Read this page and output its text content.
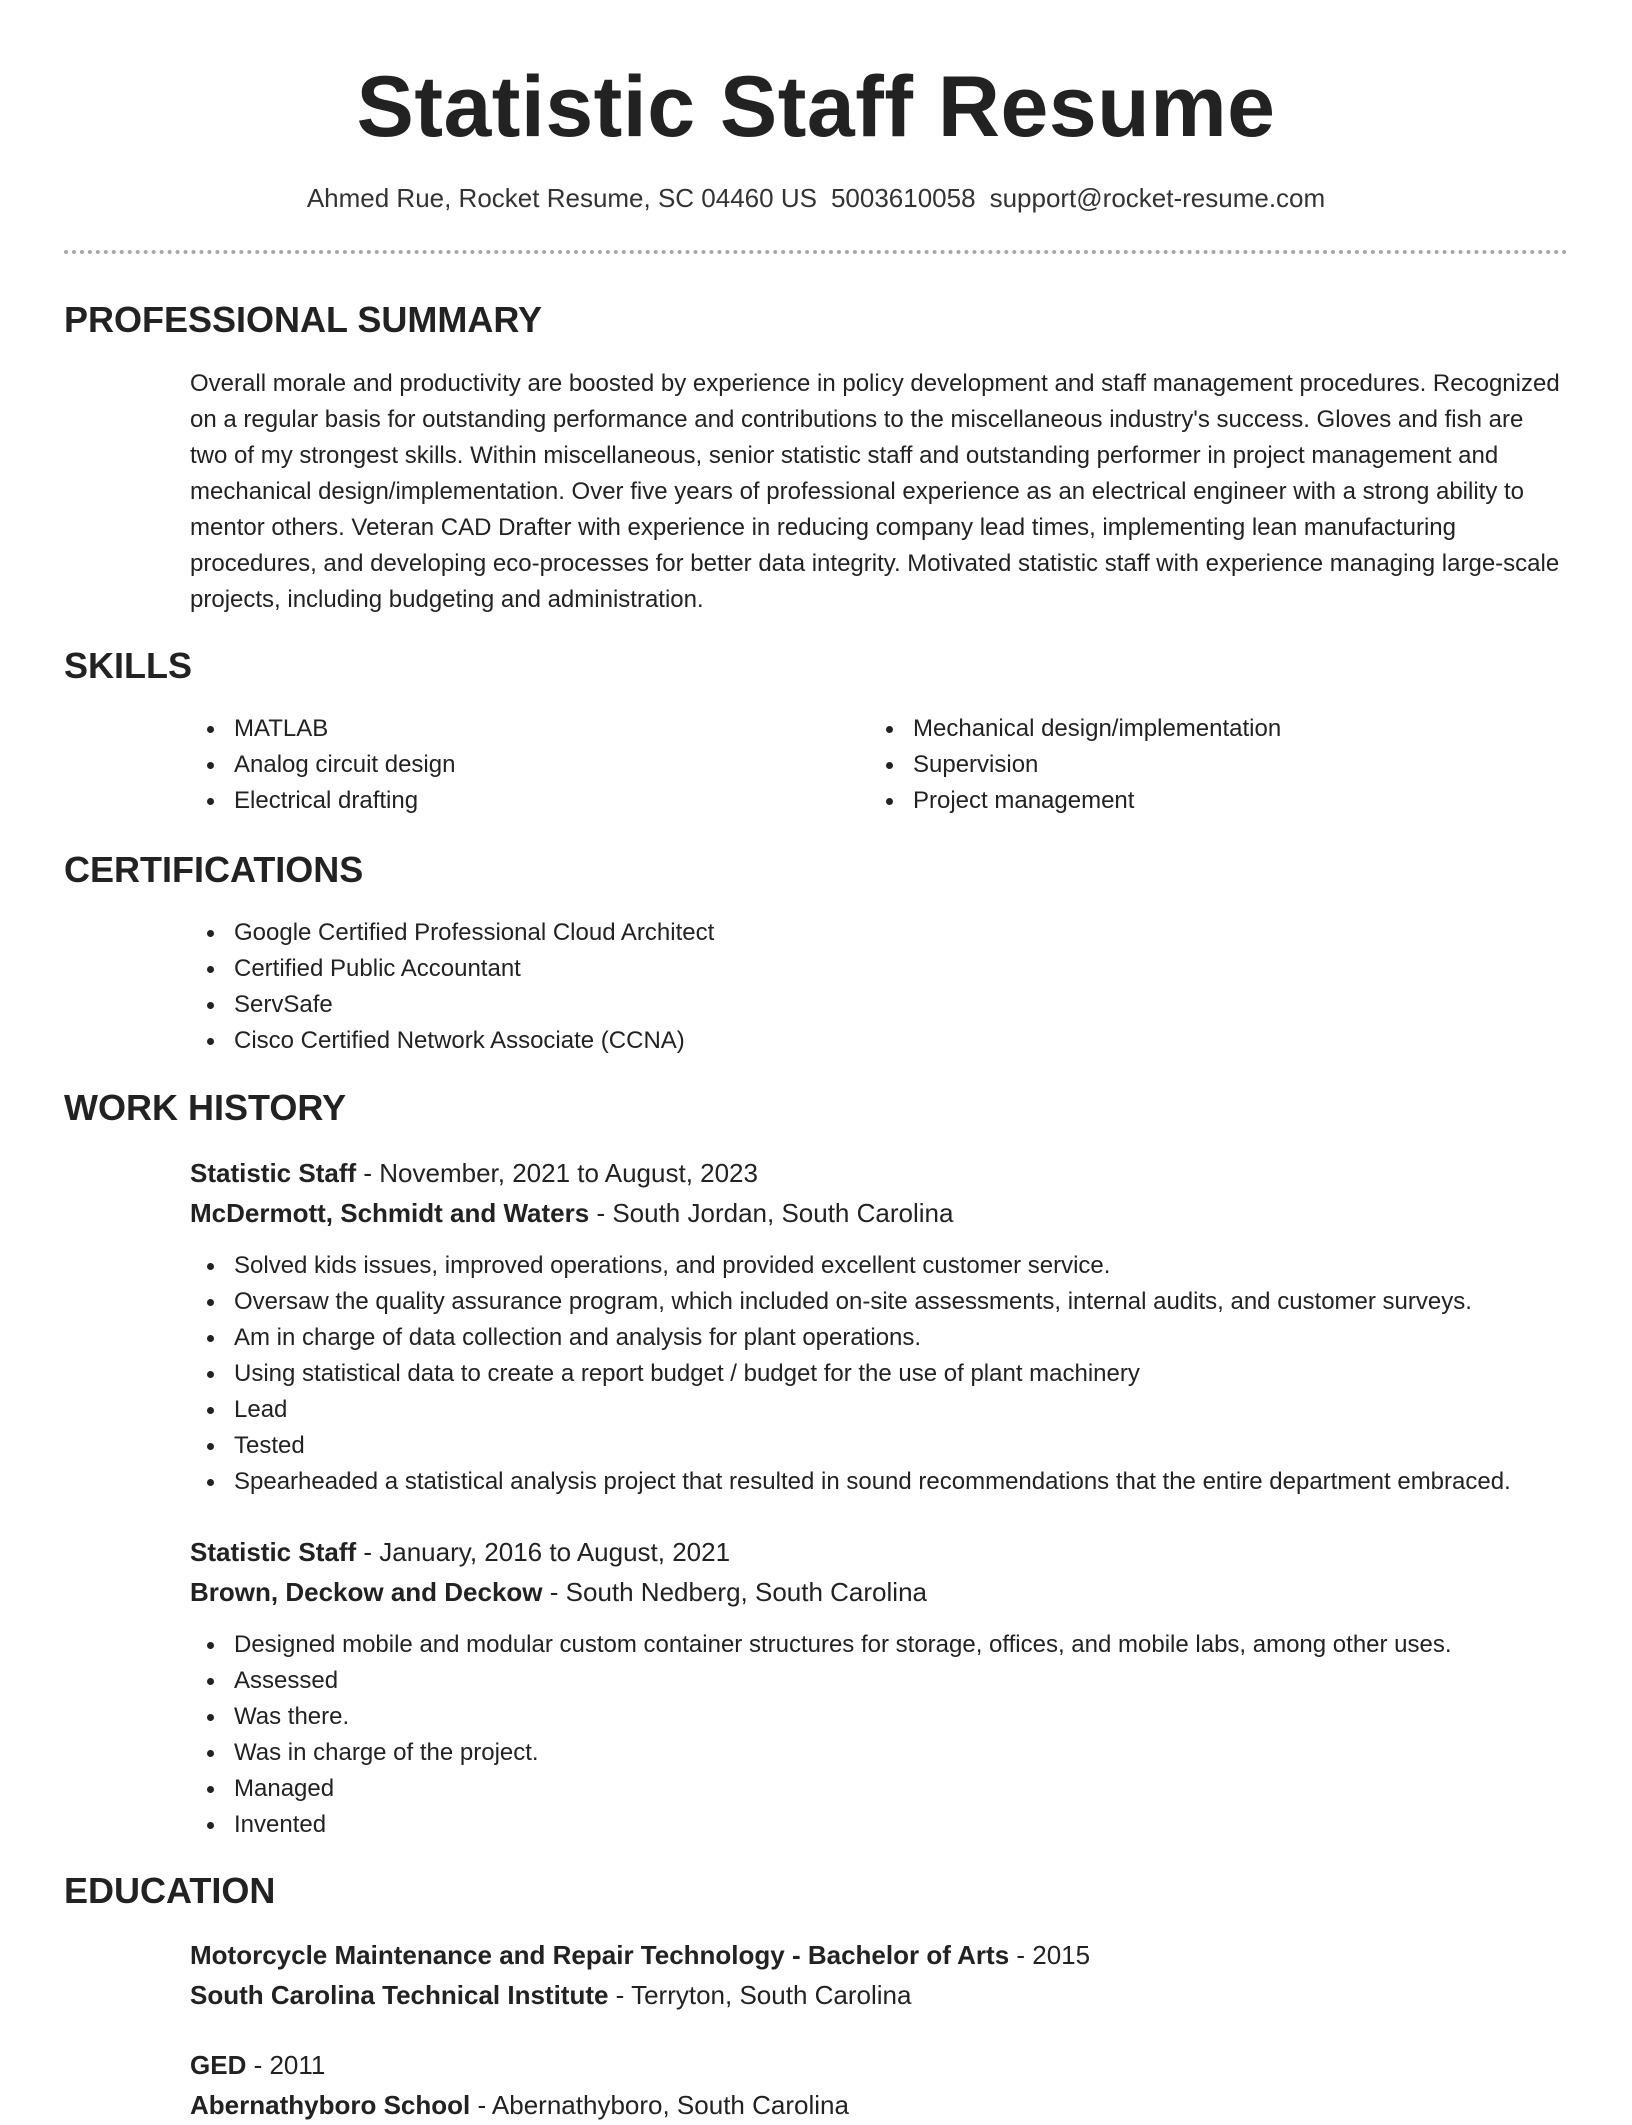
Statistic Staff Resume
Ahmed Rue, Rocket Resume, SC 04460 US 5003610058 support@rocket-resume.com
PROFESSIONAL SUMMARY

Overall morale and productivity are boosted by experience in policy development and staff management procedures. Recognized on a regular basis for outstanding performance and contributions to the miscellaneous industry's success. Gloves and fish are two of my strongest skills. Within miscellaneous, senior statistic staff and outstanding performer in project management and mechanical design/implementation. Over five years of professional experience as an electrical engineer with a strong ability to mentor others. Veteran CAD Drafter with experience in reducing company lead times, implementing lean manufacturing procedures, and developing eco-processes for better data integrity. Motivated statistic staff with experience managing large-scale projects, including budgeting and administration.

SKILLS
MATLAB
Analog circuit design
Electrical drafting
Mechanical design/implementation
Supervision
Project management
CERTIFICATIONS
Google Certified Professional Cloud Architect
Certified Public Accountant
ServSafe
Cisco Certified Network Associate (CCNA)
WORK HISTORY
Statistic Staff - November, 2021 to August, 2023
McDermott, Schmidt and Waters - South Jordan, South Carolina
Solved kids issues, improved operations, and provided excellent customer service.
Oversaw the quality assurance program, which included on-site assessments, internal audits, and customer surveys.
Am in charge of data collection and analysis for plant operations.
Using statistical data to create a report budget / budget for the use of plant machinery
Lead
Tested
Spearheaded a statistical analysis project that resulted in sound recommendations that the entire department embraced.
Statistic Staff - January, 2016 to August, 2021
Brown, Deckow and Deckow - South Nedberg, South Carolina
Designed mobile and modular custom container structures for storage, offices, and mobile labs, among other uses.
Assessed
Was there.
Was in charge of the project.
Managed
Invented
EDUCATION
Motorcycle Maintenance and Repair Technology - Bachelor of Arts - 2015
South Carolina Technical Institute - Terryton, South Carolina
GED - 2011
Abernathyboro School - Abernathyboro, South Carolina
